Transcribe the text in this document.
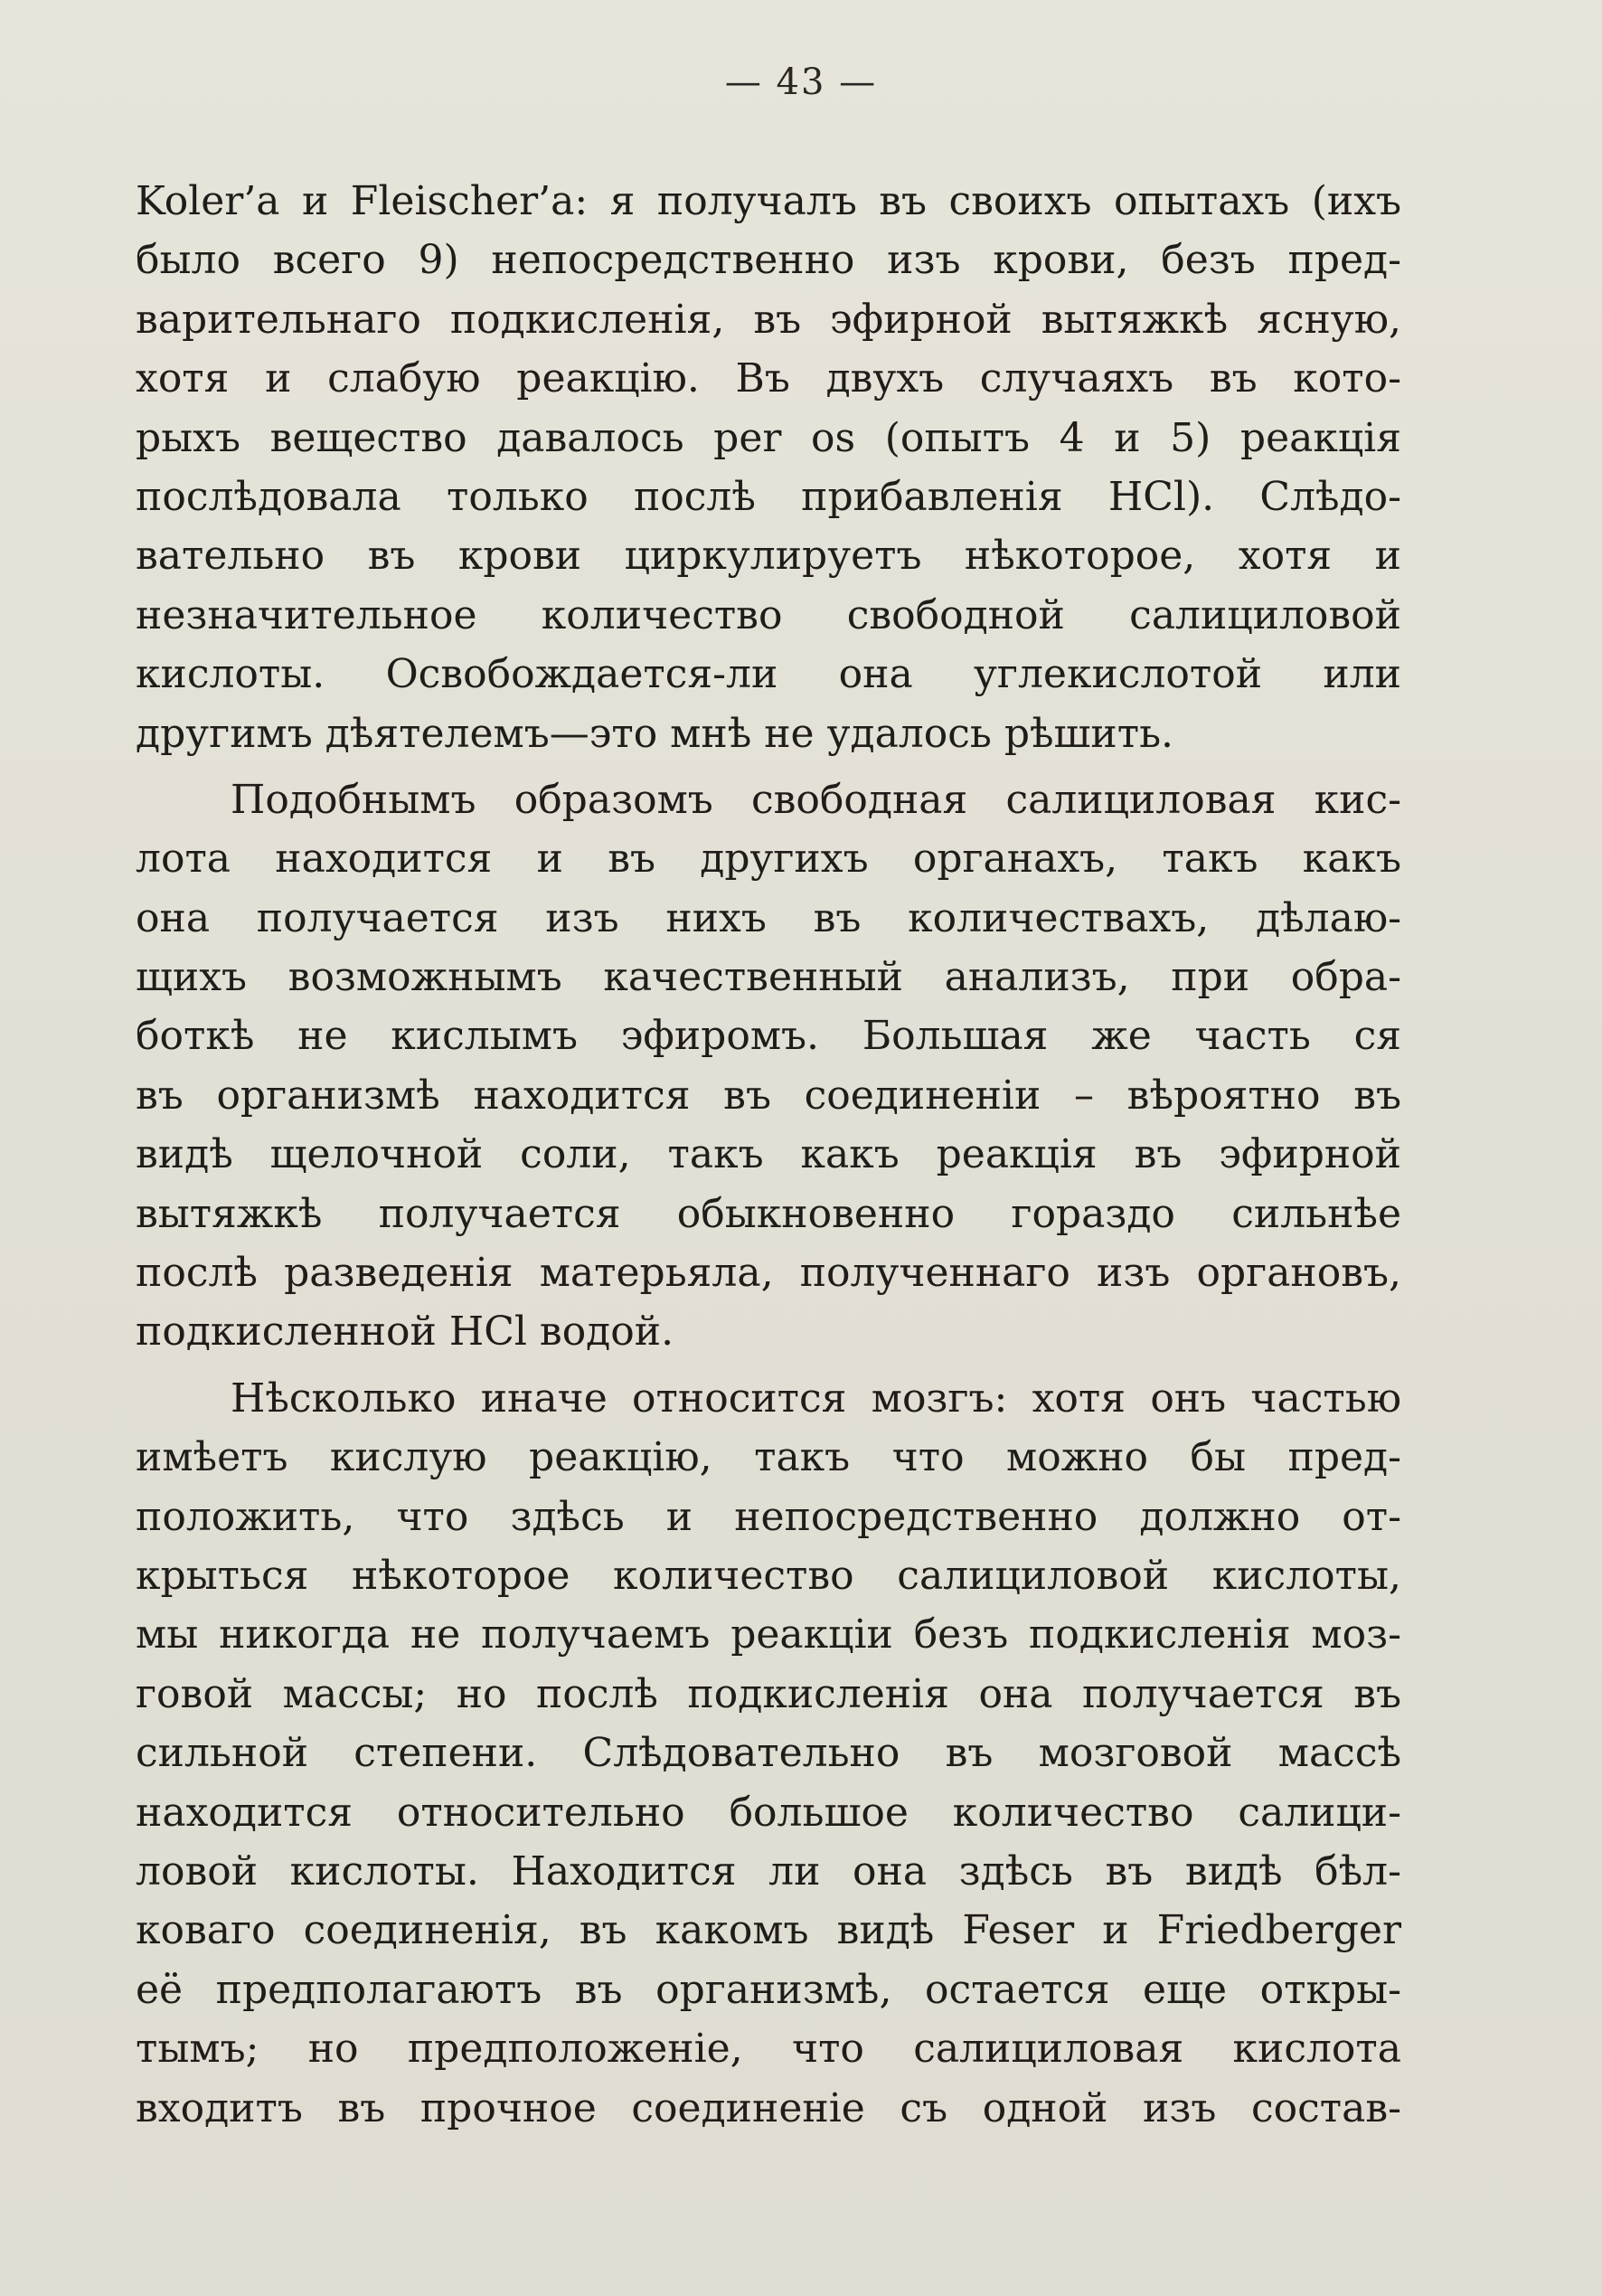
— 43 —
Koler’a и Fleischer’a: я получалъ въ своихъ опытахъ (ихъ
было всего 9) непосредственно изъ крови, безъ пред-
варительнаго подкисленія, въ эфирной вытяжкѣ ясную,
хотя и слабую реакцію. Въ двухъ случаяхъ въ кото-
рыхъ вещество давалось per os (опытъ 4 и 5) реакція
послѣдовала только послѣ прибавленія HCl). Слѣдо-
вательно въ крови циркулируетъ нѣкоторое, хотя и
незначительное количество свободной салициловой
кислоты. Освобождается-ли она углекислотой или
другимъ дѣятелемъ—это мнѣ не удалось рѣшить.
Подобнымъ образомъ свободная салициловая кис-
лота находится и въ другихъ органахъ, такъ какъ
она получается изъ нихъ въ количествахъ, дѣлаю-
щихъ возможнымъ качественный анализъ, при обра-
боткѣ не кислымъ эфиромъ. Большая же часть ся
въ организмѣ находится въ соединеніи – вѣроятно въ
видѣ щелочной соли, такъ какъ реакція въ эфирной
вытяжкѣ получается обыкновенно гораздо сильнѣе
послѣ разведенія матерьяла, полученнаго изъ органовъ,
подкисленной HCl водой.
Нѣсколько иначе относится мозгъ: хотя онъ частью
имѣетъ кислую реакцію, такъ что можно бы пред-
положить, что здѣсь и непосредственно должно от-
крыться нѣкоторое количество салициловой кислоты,
мы никогда не получаемъ реакціи безъ подкисленія моз-
говой массы; но послѣ подкисленія она получается въ
сильной степени. Слѣдовательно въ мозговой массѣ
находится относительно большое количество салици-
ловой кислоты. Находится ли она здѣсь въ видѣ бѣл-
коваго соединенія, въ какомъ видѣ Feser и Friedberger
её предполагаютъ въ организмѣ, остается еще откры-
тымъ; но предположеніе, что салициловая кислота
входитъ въ прочное соединеніе съ одной изъ состав-
